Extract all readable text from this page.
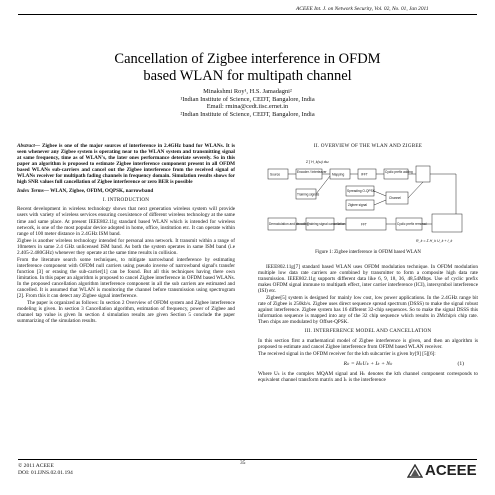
ACEEE Int. J. on Network Security, Vol. 02, No. 01, Jan 2011
Cancellation of Zigbee interference in OFDM
based WLAN for multipath channel
Minakshmi Roy¹, H.S. Jamadagni²
¹Indian Institute of Science, CEDT, Bangalore, India
Email: rmina@cedt.iisc.ernet.in
²Indian Institute of Science, CEDT, Bangalore, India

Abstract— Zigbee is one of the major sources of interference in 2.4GHz band for WLANs. It is seen whenever any Zigbee system is operating near to the WLAN system and transmitting signal at same frequency, time as of WLAN's, the later ones performance deteriate severely. So in this paper an algorithm is proposed to estimate Zigbee interference component present in all OFDM based WLANs sub-carriers and cancel out the Zigbee interference from the received signal of WLANs receiver for multipath fading channels in frequency domain. Simulation results shows for high SNR values full cancellation of Zigbee interference or zero BER is possible

Index Terms— WLAN, Zigbee, OFDM, OQPSK, narrowband

I. INTRODUCTION

Recent development in wireless technology shows that next generation wireless system will provide users with variety of wireless services ensuring coexistence of different wireless technology at the same time and same place. At present IEEE802.11g standard based WLAN which is intended for wireless network, is one of the most popular device adopted in home, office, institution etc. It can operate within range of 100 meter distance in 2.4GHz ISM band.

Zigbee is another wireless technology intended for personal area network. It transmit within a range of 10meters in same 2.4 GHz unlicensed ISM band. As both the system operates in same ISM band (i.e 2.405-2.480GHz) whenever they operate at the same time results in collision.

From the literature search some techniques, to mitigate narrowband interference by estimating interference component with OFDM null carriers using pseudo inverse of narrowband signal's transfer function [3] or erasing the sub-carrier[1] can be found. But all this techniques having there own limitation. In this paper an algorithm is proposed to cancel Zigbee interference in OFDM based WLANs. In the proposed cancellation algorithm interference component in all the sub carriers are estimated and cancelled. It is assumed that WLAN is monitoring the channel before transmission using spectrogram [2]. From this it can detect any Zigbee signal interference.

The paper is organized as follows: In section 2 Overview of OFDM system and Zigbee interference modeling is given. In section 3 Cancellation algorithm, estimation of frequency, power of Zigbee and channel tap value is given In section 4 simulation results are given Section 5 conclude the paper summarizing of the simulation results.

II. OVERVIEW OF THE WLAN AND ZIGBEE
Source
Encoder / Interleaver
Mapping	IFFT
Cyclic prefix adding
Training signals
Spreading O-QPSK
Zigbee signal
Channel
Demodulation and decoding
Training signal cancellation	FFT	Cyclic prefix removal
Σ ∫ H_k(ω) dω
R_k = Σ H_k U_k + I_k
Figure 1: Zigbee interference in OFDM based WLAN

IEEE802.11g[7] standard based WLAN uses OFDM modulation technique. In OFDM modulation multiple low data rate carriers are combined by transmitter to form a composite high data rate transmission. IEEE802.11g supports different data like 6, 9, 18, 36, 48,54Mbps. Use of cyclic prefix makes OFDM signal immune to multipath effect, inter carrier interference (ICI), intersymbol interference (ISI) etc.

Zigbee[5] system is designed for mainly low cost, low power applications. In the 2.4GHz range bit rate of Zigbee is 250kb/s. Zigbee uses direct sequence spread spectrum (DSSS) to make the signal robust against interference. Zigbee system has 16 different 32-chip sequences. So to make the signal DSSS this information sequence is mapped into any of the 32 chip sequence which results in 2Mchip/s chip rate. Then chips are modulated by Offset-QPSK.

III. INTERFERENCE MODEL AND CANCELLATION

In this section first a mathematical model of Zigbee interference is given, and then an algorithm is proposed to estimate and cancel Zigbee interference from OFDM based WLAN receiver.

The received signal in the OFDM receiver for the kth subcarrier is given by[9] [5][6]:

Rₖ = HₖUₖ + Iₖ + Nₖ	(1)

Where Uₖ is the complex MQAM signal and Hₖ denotes the kth channel component corresponds to equivalent channel transform matrix and Iₖ is the interference

35
© 2011 ACEEE
DOI: 01.IJNS.02.01.194	ACEEE
